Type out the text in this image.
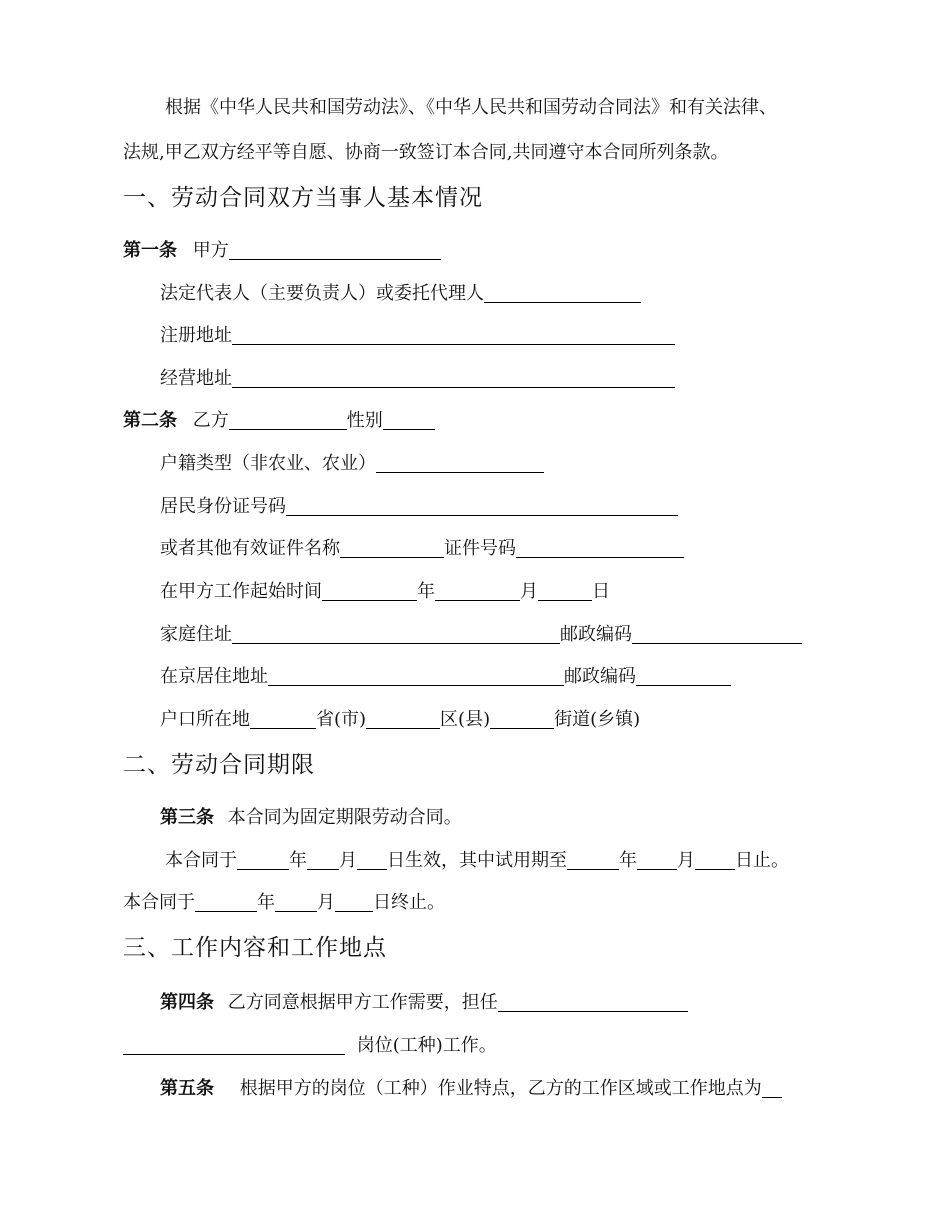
根据《中华人民共和国劳动法》、《中华人民共和国劳动合同法》和有关法律、
法规,甲乙双方经平等自愿、协商一致签订本合同,共同遵守本合同所列条款。
一、劳动合同双方当事人基本情况
第一条 甲方
法定代表人（主要负责人）或委托代理人
注册地址
经营地址
第二条 乙方	性别
户籍类型（非农业、农业）
居民身份证号码
或者其他有效证件名称	证件号码
在甲方工作起始时间	年	月	日
家庭住址	邮政编码
在京居住地址	邮政编码
户口所在地	省(市)	区(县)	街道(乡镇)
二、劳动合同期限
第三条 本合同为固定期限劳动合同。
本合同于	年 月 日生效，其中试用期至	年 月 日止。
本合同于	年 月 日终止。
三、工作内容和工作地点
第四条 乙方同意根据甲方工作需要，担任
岗位(工种)工作。
第五条 根据甲方的岗位（工种）作业特点，乙方的工作区域或工作地点为
